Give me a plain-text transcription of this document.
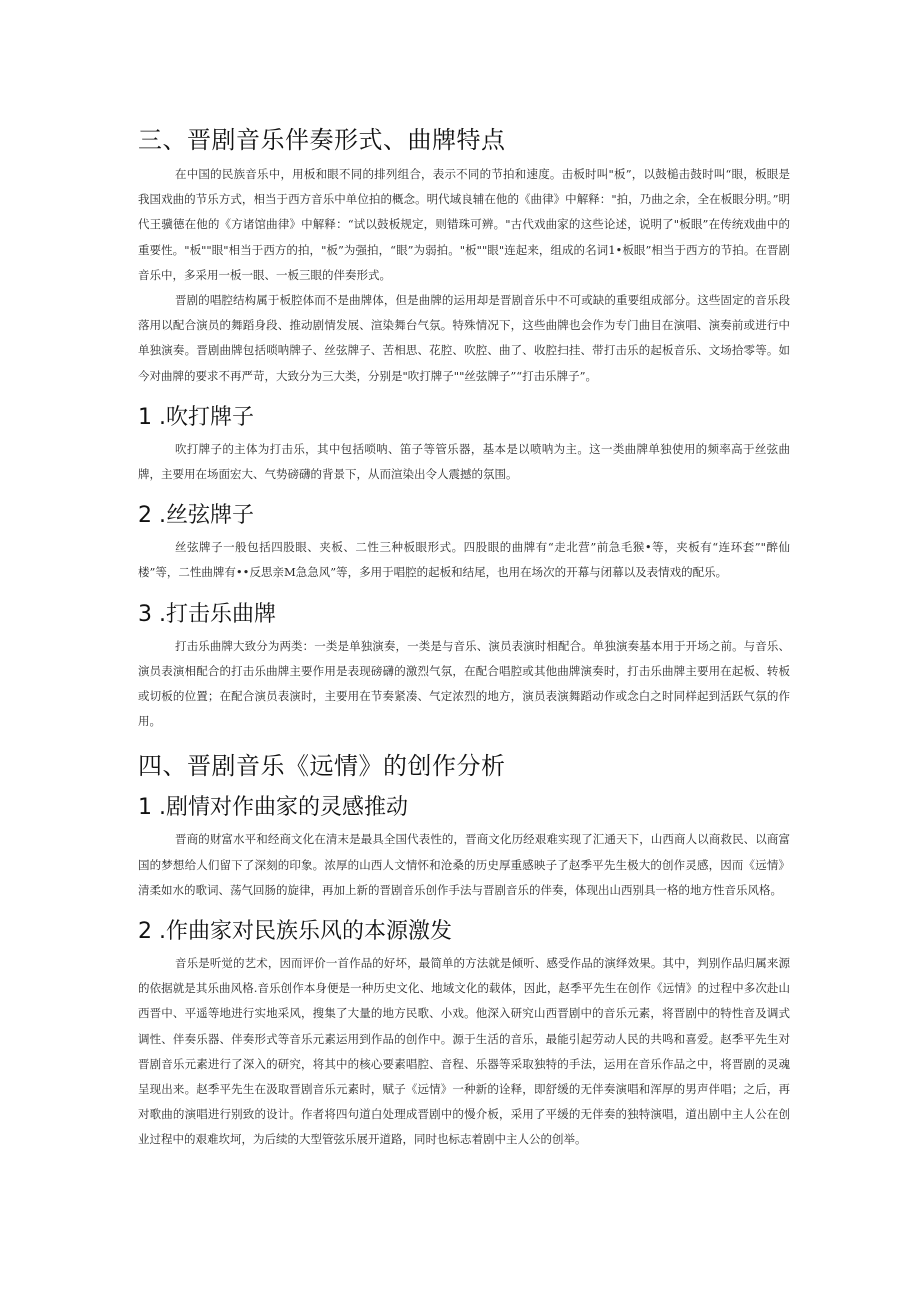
三、晋剧音乐伴奏形式、曲牌特点

在中国的民族音乐中，用板和眼不同的排列组合，表示不同的节拍和速度。击板时叫"板”，以鼓槌击鼓时叫“眼，板眼是我国戏曲的节乐方式，相当于西方音乐中单位拍的概念。明代域良辅在他的《曲律》中解释："拍，乃曲之余，全在板眼分明。”明代王骥德在他的《方诸馆曲律》中解释：“试以鼓板规定，则错珠可辨。"古代戏曲家的这些论述，说明了"板眼”在传统戏曲中的重要性。"板""眼"相当于西方的拍，"板”为强拍，“眼”为弱拍。"板""眼"连起来，组成的名词1•板眼”相当于西方的节拍。在晋剧音乐中，多采用一板一眼、一板三眼的伴奏形式。

晋剧的唱腔结构属于板腔体而不是曲牌体，但是曲牌的运用却是晋剧音乐中不可或缺的重要组成部分。这些固定的音乐段落用以配合演员的舞蹈身段、推动剧情发展、渲染舞台气氛。特殊情况下，这些曲牌也会作为专门曲目在演唱、演奏前或进行中单独演奏。晋剧曲牌包括唢呐牌子、丝弦牌子、苦相思、花腔、吹腔、曲了、收腔扫挂、带打击乐的起板音乐、文场拾零等。如今对曲牌的要求不再严苛，大致分为三大类，分别是"吹打牌子""丝弦牌子”“打击乐牌子”。

1 .吹打牌子

吹打牌子的主体为打击乐，其中包括唢呐、笛子等管乐器，基本是以喷呐为主。这一类曲牌单独使用的频率高于丝弦曲牌，主要用在场面宏大、气势磅礴的背景下，从而渲染出令人震撼的氛围。

2 .丝弦牌子

丝弦牌子一般包括四股眼、夹板、二性三种板眼形式。四股眼的曲牌有“走北营”前急毛猴•等，夹板有“连环套”"醉仙楼”等，二性曲牌有••反思亲M急急风”等，多用于唱腔的起板和结尾，也用在场次的开幕与闭幕以及表情戏的配乐。

3 .打击乐曲牌

打击乐曲牌大致分为两类：一类是单独演奏，一类是与音乐、演员表演时相配合。单独演奏基本用于开场之前。与音乐、演员表演相配合的打击乐曲牌主要作用是表现磅礴的激烈气氛，在配合唱腔或其他曲牌演奏时，打击乐曲牌主要用在起板、转板或切板的位置；在配合演员表演时，主要用在节奏紧凑、气定浓烈的地方，演员表演舞蹈动作或念白之时同样起到活跃气氛的作用。

四、晋剧音乐《远情》的创作分析
1 .剧情对作曲家的灵感推动

晋商的财富水平和经商文化在清末是最具全国代表性的，晋商文化历经艰难实现了汇通天下，山西商人以商救民、以商富国的梦想给人们留下了深刻的印象。浓厚的山西人文情怀和沧桑的历史厚重感映子了赵季平先生极大的创作灵感，因而《远情》清柔如水的歌词、荡气回肠的旋律，再加上新的晋剧音乐创作手法与晋剧音乐的伴奏，体现出山西别具一格的地方性音乐风格。

2 .作曲家对民族乐风的本源激发

音乐是听觉的艺术，因而评价一首作品的好坏，最简单的方法就是倾听、感受作品的演绎效果。其中，判别作品归属来源的依据就是其乐曲风格.音乐创作本身便是一种历史文化、地域文化的载体，因此，赵季平先生在创作《远情》的过程中多次赴山西晋中、平遥等地进行实地采风，搜集了大量的地方民歌、小戏。他深入研究山西晋剧中的音乐元素，将晋剧中的特性音及调式调性、伴奏乐器、伴奏形式等音乐元素运用到作品的创作中。源于生活的音乐，最能引起劳动人民的共鸣和喜爱。赵季平先生对晋剧音乐元素进行了深入的研究，将其中的核心要素唱腔、音程、乐器等采取独特的手法，运用在音乐作品之中，将晋剧的灵魂呈现出来。赵季平先生在汲取晋剧音乐元素时，赋子《远情》一种新的诠释，即舒缓的无伴奏演唱和浑厚的男声伴唱；之后，再对歌曲的演唱进行别致的设计。作者将四句道白处理成晋剧中的慢介板，采用了平缓的无伴奏的独特演唱，道出剧中主人公在创业过程中的艰难坎坷，为后续的大型管弦乐展开道路，同时也标志着剧中主人公的创举。
